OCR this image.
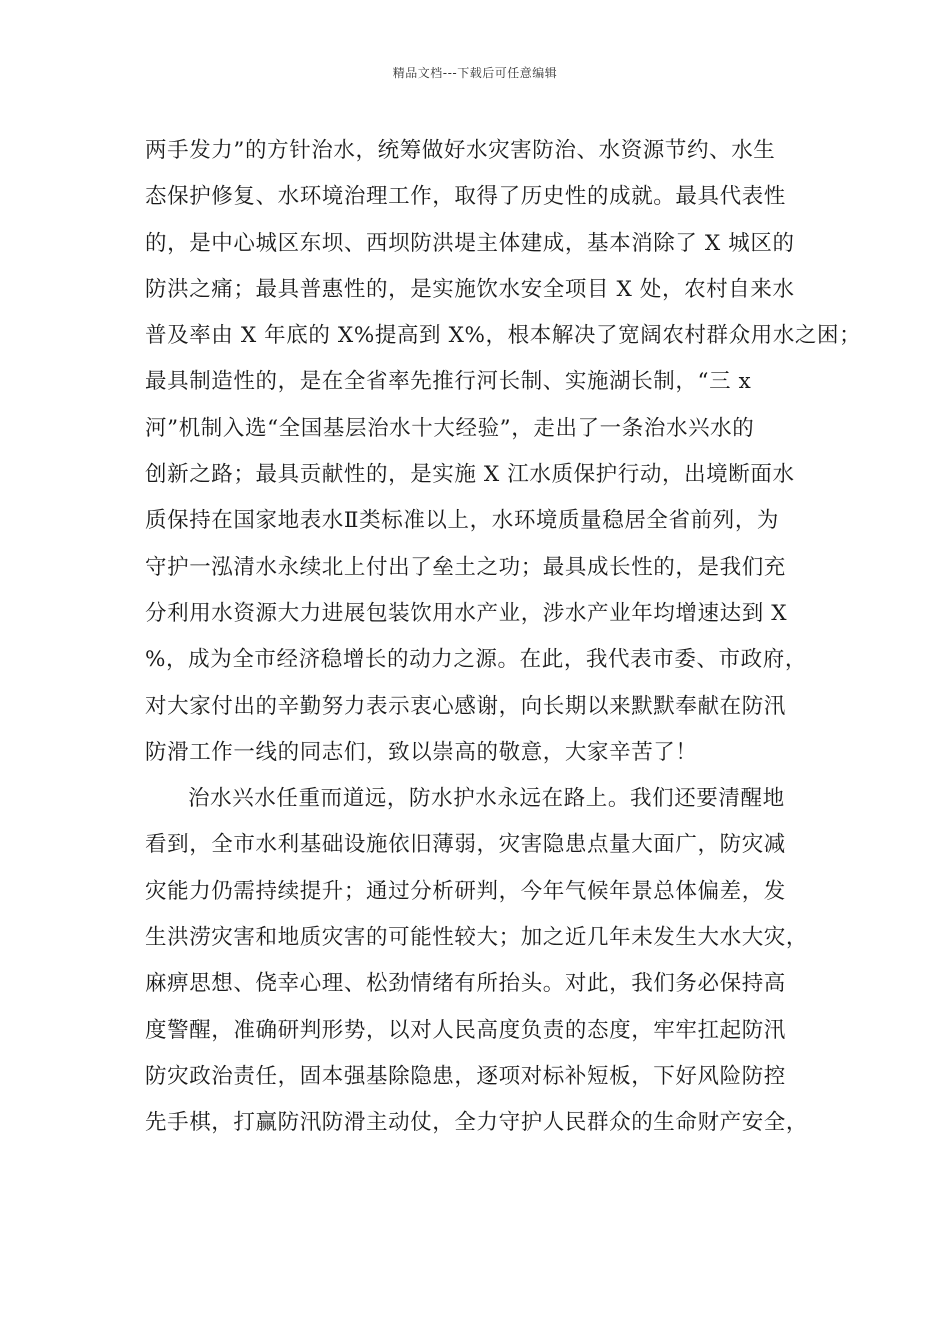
精品文档---下载后可任意编辑
两手发力”的方针治水，统筹做好水灾害防治、水资源节约、水生
态保护修复、水环境治理工作，取得了历史性的成就。最具代表性
的，是中心城区东坝、西坝防洪堤主体建成，基本消除了 X 城区的
防洪之痛；最具普惠性的，是实施饮水安全项目 X 处，农村自来水
普及率由 X 年底的 X%提高到 X%，根本解决了宽阔农村群众用水之困；
最具制造性的，是在全省率先推行河长制、实施湖长制，“三 x
河”机制入选“全国基层治水十大经验”，走出了一条治水兴水的
创新之路；最具贡献性的，是实施 X 江水质保护行动，出境断面水
质保持在国家地表水Ⅱ类标准以上，水环境质量稳居全省前列，为
守护一泓清水永续北上付出了垒土之功；最具成长性的，是我们充
分利用水资源大力进展包装饮用水产业，涉水产业年均增速达到 X
%，成为全市经济稳增长的动力之源。在此，我代表市委、市政府，
对大家付出的辛勤努力表示衷心感谢，向长期以来默默奉献在防汛
防滑工作一线的同志们，致以崇高的敬意，大家辛苦了！
治水兴水任重而道远，防水护水永远在路上。我们还要清醒地
看到，全市水利基础设施依旧薄弱，灾害隐患点量大面广，防灾减
灾能力仍需持续提升；通过分析研判，今年气候年景总体偏差，发
生洪涝灾害和地质灾害的可能性较大；加之近几年未发生大水大灾，
麻痹思想、侥幸心理、松劲情绪有所抬头。对此，我们务必保持高
度警醒，准确研判形势，以对人民高度负责的态度，牢牢扛起防汛
防灾政治责任，固本强基除隐患，逐项对标补短板，下好风险防控
先手棋，打赢防汛防滑主动仗，全力守护人民群众的生命财产安全，
